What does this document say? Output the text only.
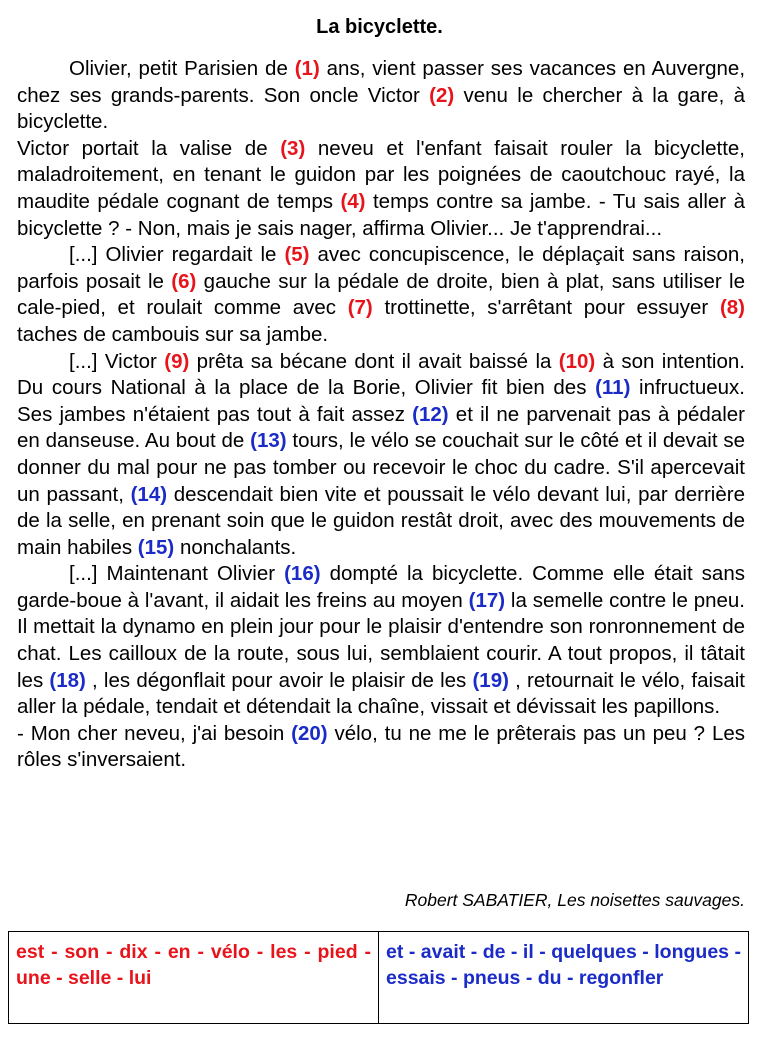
La bicyclette.

Olivier, petit Parisien de (1) ans, vient passer ses vacances en Auvergne, chez ses grands-parents. Son oncle Victor (2) venu le chercher à la gare, à bicyclette.

Victor portait la valise de (3) neveu et l'enfant faisait rouler la bicyclette, maladroitement, en tenant le guidon par les poignées de caoutchouc rayé, la maudite pédale cognant de temps (4) temps contre sa jambe. - Tu sais aller à bicyclette ? - Non, mais je sais nager, affirma Olivier... Je t'apprendrai...

[...] Olivier regardait le (5) avec concupiscence, le déplaçait sans raison, parfois posait le (6) gauche sur la pédale de droite, bien à plat, sans utiliser le cale-pied, et roulait comme avec (7) trottinette, s'arrêtant pour essuyer (8) taches de cambouis sur sa jambe.

[...] Victor (9) prêta sa bécane dont il avait baissé la (10) à son intention. Du cours National à la place de la Borie, Olivier fit bien des (11) infructueux. Ses jambes n'étaient pas tout à fait assez (12) et il ne parvenait pas à pédaler en danseuse. Au bout de (13) tours, le vélo se couchait sur le côté et il devait se donner du mal pour ne pas tomber ou recevoir le choc du cadre. S'il apercevait un passant, (14) descendait bien vite et poussait le vélo devant lui, par derrière de la selle, en prenant soin que le guidon restât droit, avec des mouvements de main habiles (15) nonchalants.

[...] Maintenant Olivier (16) dompté la bicyclette. Comme elle était sans garde-boue à l'avant, il aidait les freins au moyen (17) la semelle contre le pneu. Il mettait la dynamo en plein jour pour le plaisir d'entendre son ronronnement de chat. Les cailloux de la route, sous lui, semblaient courir. A tout propos, il tâtait les (18) , les dégonflait pour avoir le plaisir de les (19) , retournait le vélo, faisait aller la pédale, tendait et détendait la chaîne, vissait et dévissait les papillons.

- Mon cher neveu, j'ai besoin (20) vélo, tu ne me le prêterais pas un peu ? Les rôles s'inversaient.

Robert SABATIER, Les noisettes sauvages.
est - son - dix - en - vélo - les - pied - une - selle - lui	et - avait - de - il - quelques - longues - essais - pneus - du - regonfler
